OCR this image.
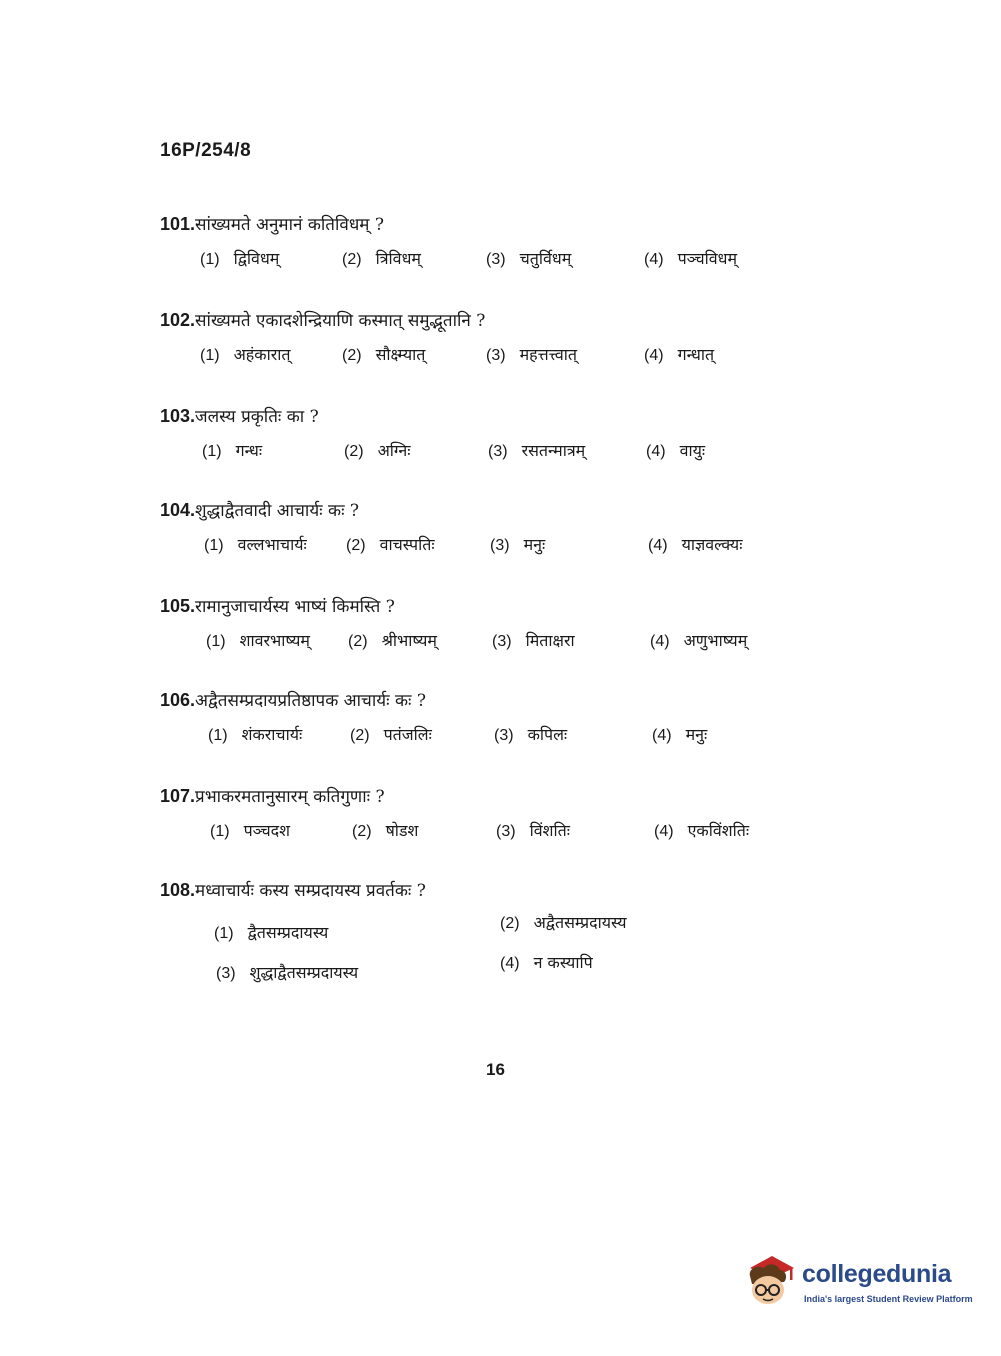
16P/254/8
101.सांख्यमते अनुमानं कतिविधम् ?
(1) द्विविधम्	(2) त्रिविधम्	(3) चतुर्विधम्	(4) पञ्चविधम्
102.सांख्यमते एकादशेन्द्रियाणि कस्मात् समुद्भूतानि ?
(1) अहंकारात्	(2) सौक्ष्म्यात्	(3) महत्तत्त्वात्	(4) गन्धात्
103.जलस्य प्रकृतिः का ?
(1) गन्धः	(2) अग्निः	(3) रसतन्मात्रम्	(4) वायुः
104.शुद्धाद्वैतवादी आचार्यः कः ?
(1) वल्लभाचार्यः (2) वाचस्पतिः	(3) मनुः	(4) याज्ञवल्क्यः
105.रामानुजाचार्यस्य भाष्यं किमस्ति ?
(1) शावरभाष्यम् (2) श्रीभाष्यम्	(3) मिताक्षरा	(4) अणुभाष्यम्
106.अद्वैतसम्प्रदायप्रतिष्ठापक आचार्यः कः ?
(1) शंकराचार्यः	(2) पतंजलिः	(3) कपिलः	(4) मनुः
107.प्रभाकरमतानुसारम् कतिगुणाः ?
(1) पञ्चदश	(2) षोडश	(3) विंशतिः	(4) एकविंशतिः
108.मध्वाचार्यः कस्य सम्प्रदायस्य प्रवर्तकः ?
(1) द्वैतसम्प्रदायस्य	(2) अद्वैतसम्प्रदायस्य
(3) शुद्धाद्वैतसम्प्रदायस्य	(4) न कस्यापि
16
collegedunia
India's largest Student Review Platform
